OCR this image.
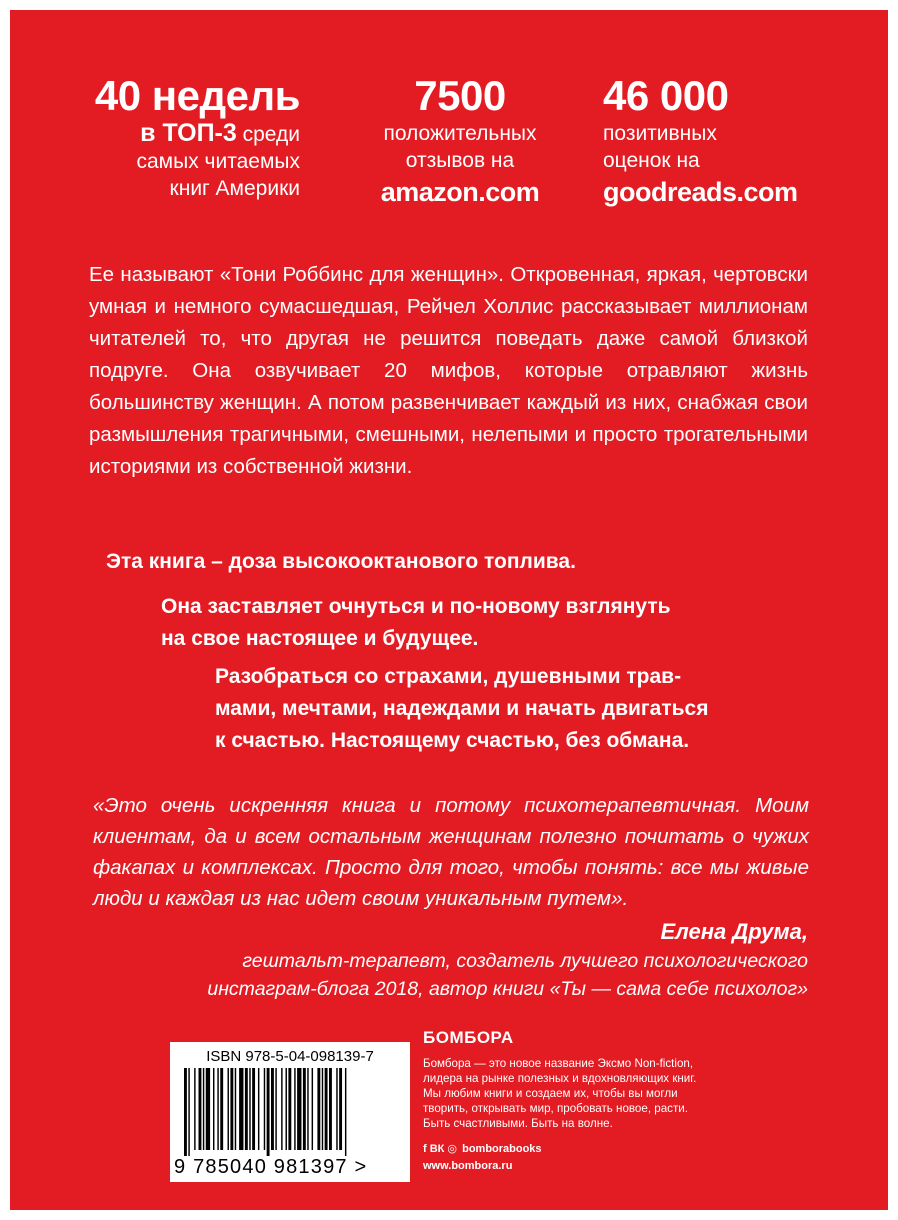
40 недель
в ТОП-3 среди
самых читаемых
книг Америки
7500
положительных
отзывов на
amazon.com
46 000
позитивных
оценок на
goodreads.com
Ее называют «Тони Роббинс для женщин». Откровенная, яркая, чертовски умная и немного сумасшедшая, Рейчел Холлис рассказывает миллионам читателей то, что другая не решится поведать даже самой близкой подруге. Она озвучивает 20 мифов, которые отравляют жизнь большинству женщин. А потом развенчивает каждый из них, снабжая свои размышления трагичными, смешными, нелепыми и просто трогательными историями из собственной жизни.
Эта книга – доза высокооктанового топлива.
Она заставляет очнуться и по-новому взглянуть
на свое настоящее и будущее.
Разобраться со страхами, душевными трав-
мами, мечтами, надеждами и начать двигаться
к счастью. Настоящему счастью, без обмана.
«Это очень искренняя книга и потому психотерапевтичная. Моим клиентам, да и всем остальным женщинам полезно почитать о чужих факапах и комплексах. Просто для того, чтобы понять: все мы живые люди и каждая из нас идет своим уникальным путем».
Елена Друма,
гештальт-терапевт, создатель лучшего психологического
инстаграм-блога 2018, автор книги «Ты — сама себе психолог»
ISBN 978-5-04-098139-7
9 785040 981397 >
БОМБОРА
Бомбора — это новое название Эксмо Non-fiction,
лидера на рынке полезных и вдохновляющих книг.
Мы любим книги и создаем их, чтобы вы могли
творить, открывать мир, пробовать новое, расти.
Быть счастливыми. Быть на волне.
f ВК ◎ bomborabooks
www.bombora.ru
